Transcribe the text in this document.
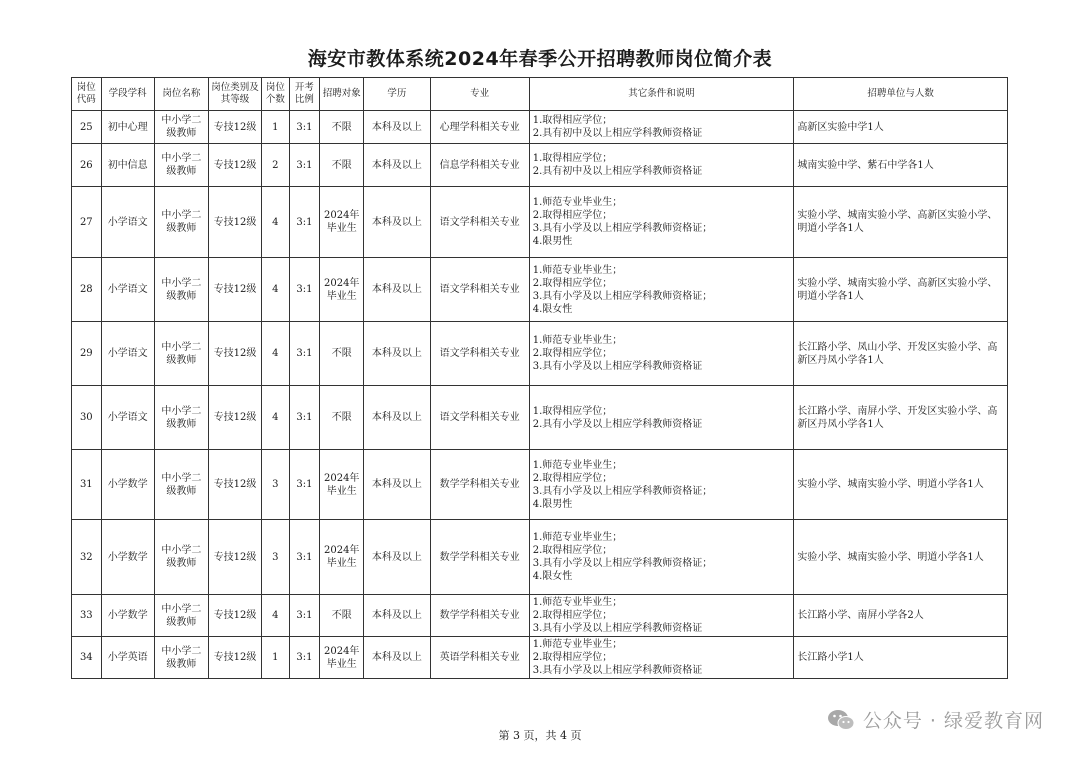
海安市教体系统2024年春季公开招聘教师岗位简介表
岗位代码	学段学科	岗位名称	岗位类别及其等级	岗位个数	开考比例	招聘对象	学历	专业	其它条件和说明	招聘单位与人数
25	初中心理	中小学二级教师	专技12级	1	3:1	不限	本科及以上	心理学科相关专业	1.取得相应学位；
2.具有初中及以上相应学科教师资格证	高新区实验中学1人
26	初中信息	中小学二级教师	专技12级	2	3:1	不限	本科及以上	信息学科相关专业	1.取得相应学位；
2.具有初中及以上相应学科教师资格证	城南实验中学、紫石中学各1人
27	小学语文	中小学二级教师	专技12级	4	3:1	2024年毕业生	本科及以上	语文学科相关专业	1.师范专业毕业生；
2.取得相应学位；
3.具有小学及以上相应学科教师资格证；
4.限男性	实验小学、城南实验小学、高新区实验小学、明道小学各1人
28	小学语文	中小学二级教师	专技12级	4	3:1	2024年毕业生	本科及以上	语文学科相关专业	1.师范专业毕业生；
2.取得相应学位；
3.具有小学及以上相应学科教师资格证；
4.限女性	实验小学、城南实验小学、高新区实验小学、明道小学各1人
29	小学语文	中小学二级教师	专技12级	4	3:1	不限	本科及以上	语文学科相关专业	1.师范专业毕业生；
2.取得相应学位；
3.具有小学及以上相应学科教师资格证	长江路小学、凤山小学、开发区实验小学、高新区丹凤小学各1人
30	小学语文	中小学二级教师	专技12级	4	3:1	不限	本科及以上	语文学科相关专业	1.取得相应学位；
2.具有小学及以上相应学科教师资格证	长江路小学、南屏小学、开发区实验小学、高新区丹凤小学各1人
31	小学数学	中小学二级教师	专技12级	3	3:1	2024年毕业生	本科及以上	数学学科相关专业	1.师范专业毕业生；
2.取得相应学位；
3.具有小学及以上相应学科教师资格证；
4.限男性	实验小学、城南实验小学、明道小学各1人
32	小学数学	中小学二级教师	专技12级	3	3:1	2024年毕业生	本科及以上	数学学科相关专业	1.师范专业毕业生；
2.取得相应学位；
3.具有小学及以上相应学科教师资格证；
4.限女性	实验小学、城南实验小学、明道小学各1人
33	小学数学	中小学二级教师	专技12级	4	3:1	不限	本科及以上	数学学科相关专业	1.师范专业毕业生；
2.取得相应学位；
3.具有小学及以上相应学科教师资格证	长江路小学、南屏小学各2人
34	小学英语	中小学二级教师	专技12级	1	3:1	2024年毕业生	本科及以上	英语学科相关专业	1.师范专业毕业生；
2.取得相应学位；
3.具有小学及以上相应学科教师资格证	长江路小学1人
第 3 页，共 4 页
公众号 · 绿爱教育网
